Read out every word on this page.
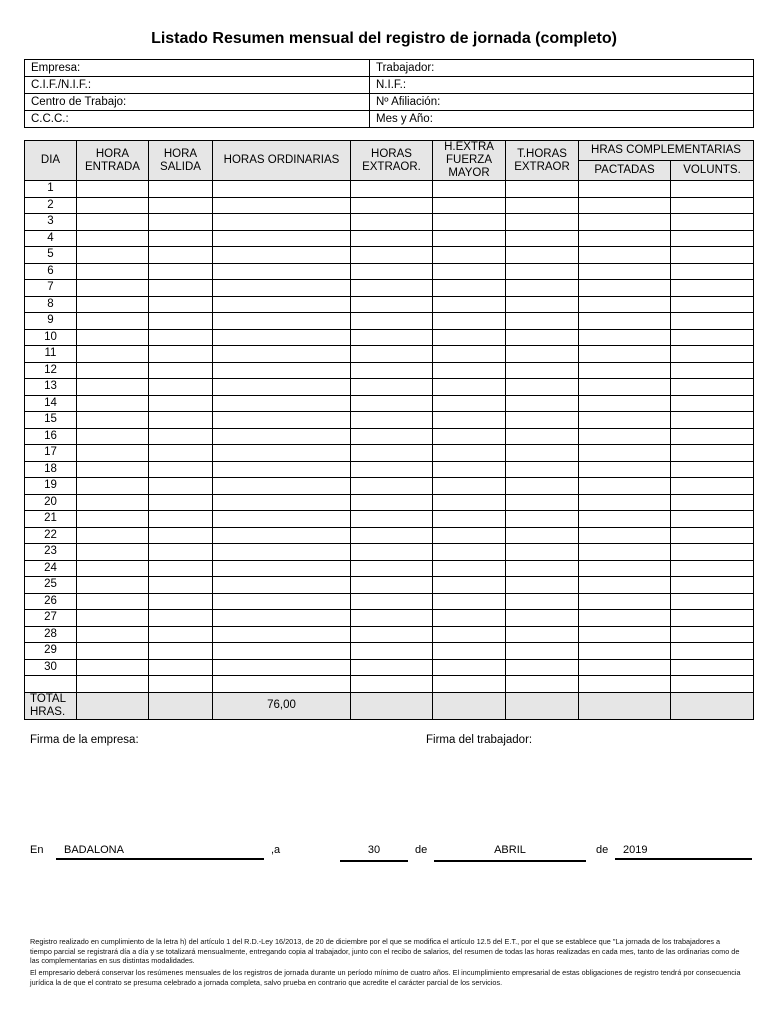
Listado Resumen mensual del registro de jornada (completo)
Empresa:	Trabajador:
C.I.F./N.I.F.:	N.I.F.:
Centro de Trabajo:	Nº Afiliación:
C.C.C.:	Mes y Año:
DIA	HORA ENTRADA	HORA SALIDA	HORAS ORDINARIAS	HORAS EXTRAOR.	H.EXTRA FUERZA MAYOR	T.HORAS EXTRAOR	HRAS COMPLEMENTARIAS	
							PACTADAS	VOLUNTS.
1								
2								
3								
4								
5								
6								
7								
8								
9								
10								
11								
12								
13								
14								
15								
16								
17								
18								
19								
20								
21								
22								
23								
24								
25								
26								
27								
28								
29								
30								

TOTAL HRAS.			76,00					
Firma de la empresa:	Firma del trabajador:
En	BADALONA	,a	30	de	ABRIL	de	2019
Registro realizado en cumplimiento de la letra h) del artículo 1 del R.D.-Ley 16/2013, de 20 de diciembre por el que se modifica el artículo 12.5 del E.T., por el que se establece que "La jornada de los trabajadores a tiempo parcial se registrará día a día y se totalizará mensualmente, entregando copia al trabajador, junto con el recibo de salarios, del resumen de todas las horas realizadas en cada mes, tanto de las ordinarias como de las complementarias en sus distintas modalidades.
El empresario deberá conservar los resúmenes mensuales de los registros de jornada durante un período mínimo de cuatro años. El incumplimiento empresarial de estas obligaciones de registro tendrá por consecuencia jurídica la de que el contrato se presuma celebrado a jornada completa, salvo prueba en contrario que acredite el carácter parcial de los servicios.
